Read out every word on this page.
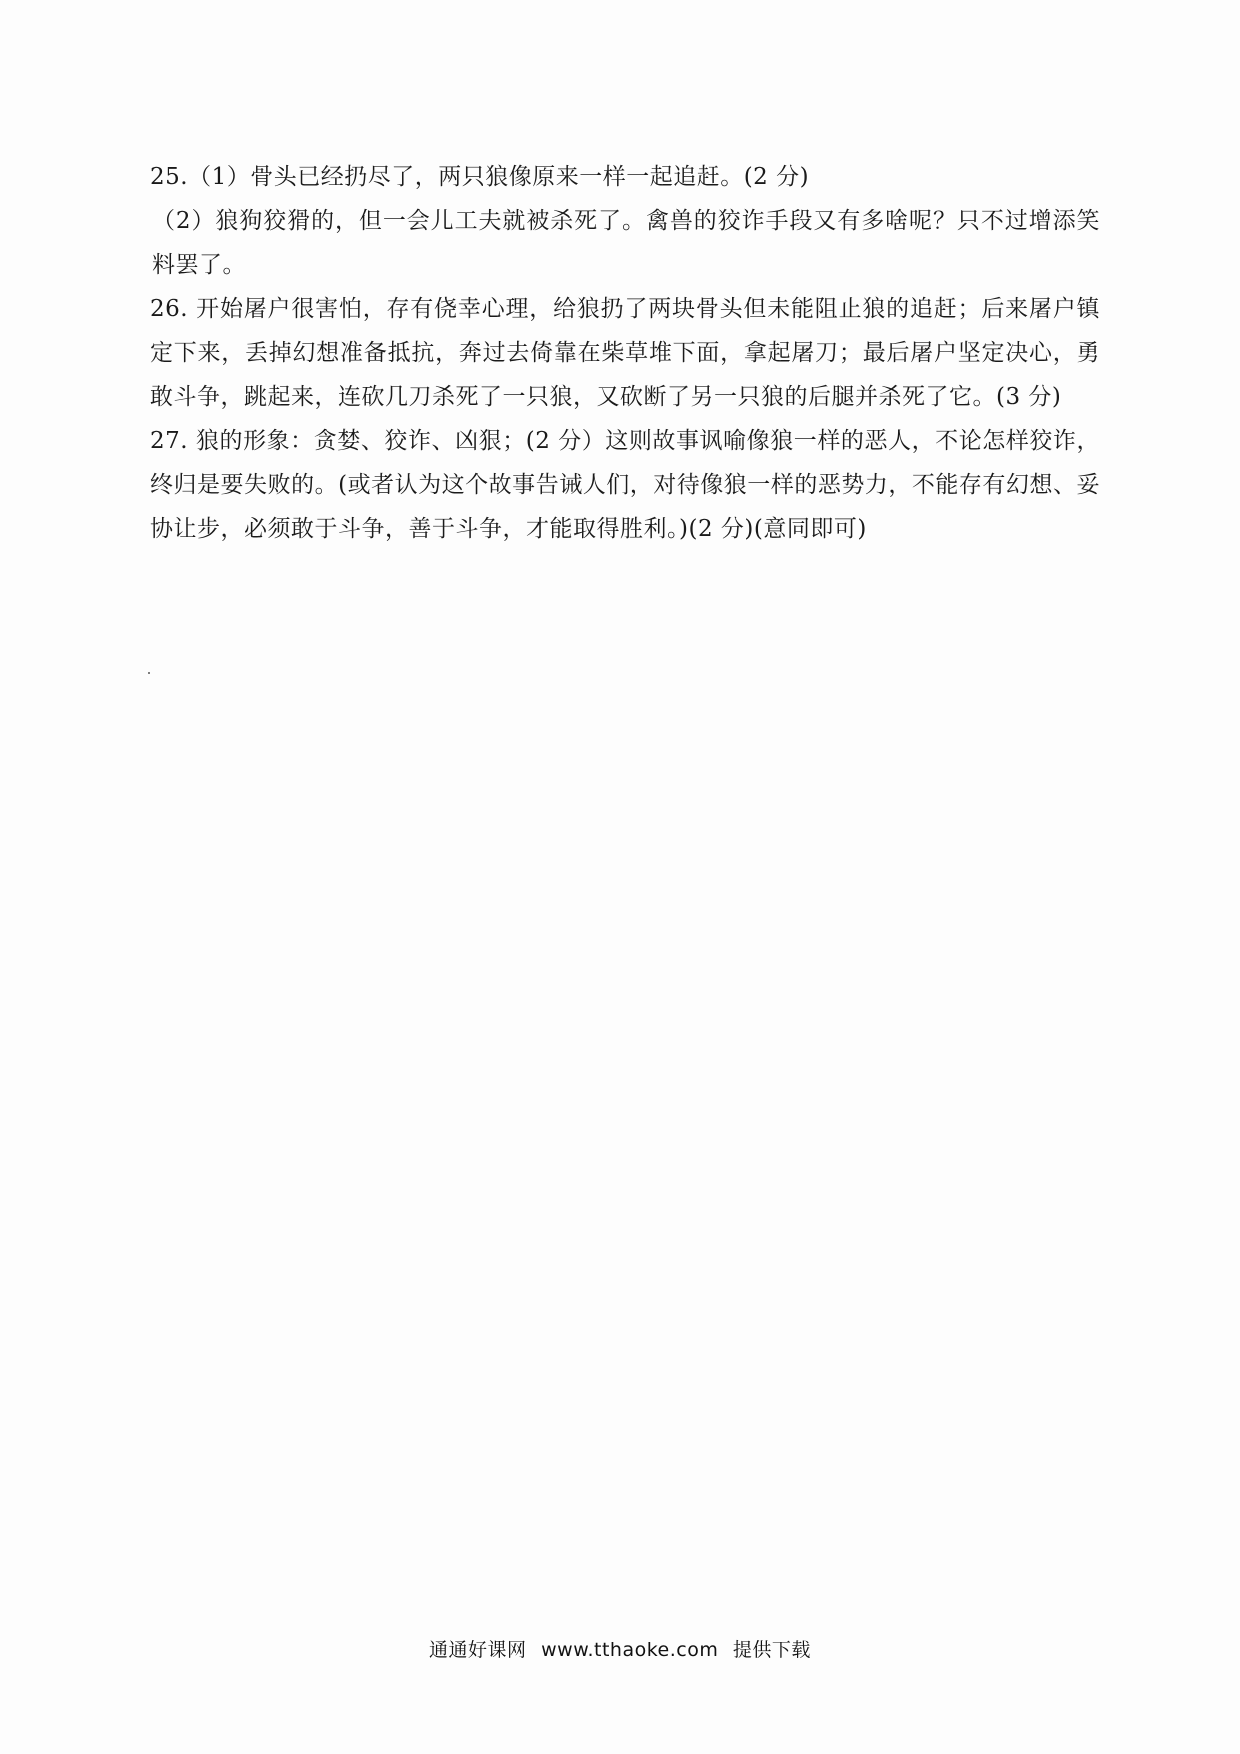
25.（1）骨头已经扔尽了，两只狼像原来一样一起追赶。(2 分)

（2）狼狗狡猾的，但一会儿工夫就被杀死了。禽兽的狡诈手段又有多啥呢？只不过增添笑料罢了。

26. 开始屠户很害怕，存有侥幸心理，给狼扔了两块骨头但未能阻止狼的追赶；后来屠户镇定下来，丢掉幻想准备抵抗，奔过去倚靠在柴草堆下面，拿起屠刀；最后屠户坚定决心，勇敢斗争，跳起来，连砍几刀杀死了一只狼，又砍断了另一只狼的后腿并杀死了它。(3 分)

27. 狼的形象：贪婪、狡诈、凶狠；(2 分）这则故事讽喻像狼一样的恶人，不论怎样狡诈，终归是要失败的。(或者认为这个故事告诫人们，对待像狼一样的恶势力，不能存有幻想、妥协让步，必须敢于斗争，善于斗争，才能取得胜利。)(2 分)(意同即可)

通通好课网 www.tthaoke.com 提供下载
